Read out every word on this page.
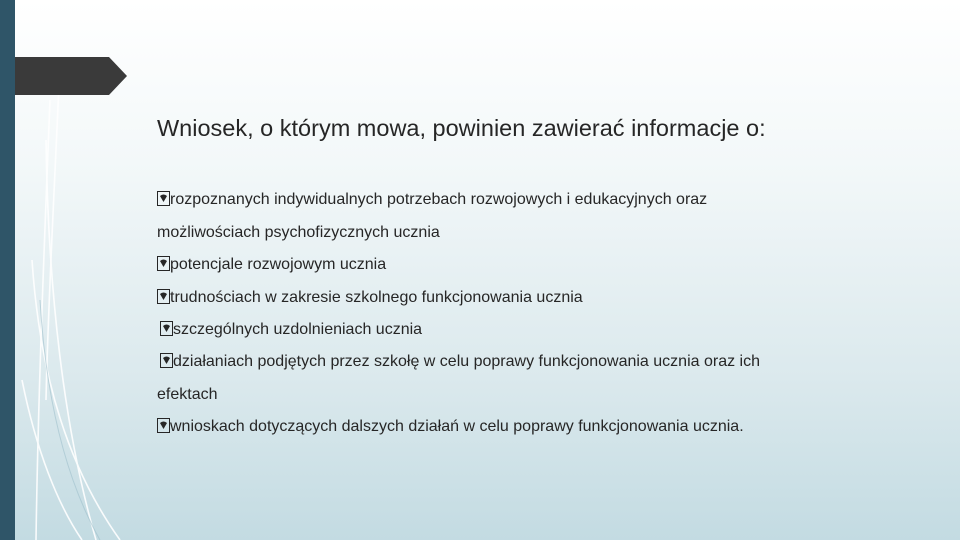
Wniosek, o którym mowa, powinien zawierać informacje o:

rozpoznanych indywidualnych potrzebach rozwojowych i edukacyjnych oraz

możliwościach psychofizycznych ucznia

potencjale rozwojowym ucznia

trudnościach w zakresie szkolnego funkcjonowania ucznia

szczególnych uzdolnieniach ucznia

działaniach podjętych przez szkołę w celu poprawy funkcjonowania ucznia oraz ich

efektach

wnioskach dotyczących dalszych działań w celu poprawy funkcjonowania ucznia.
